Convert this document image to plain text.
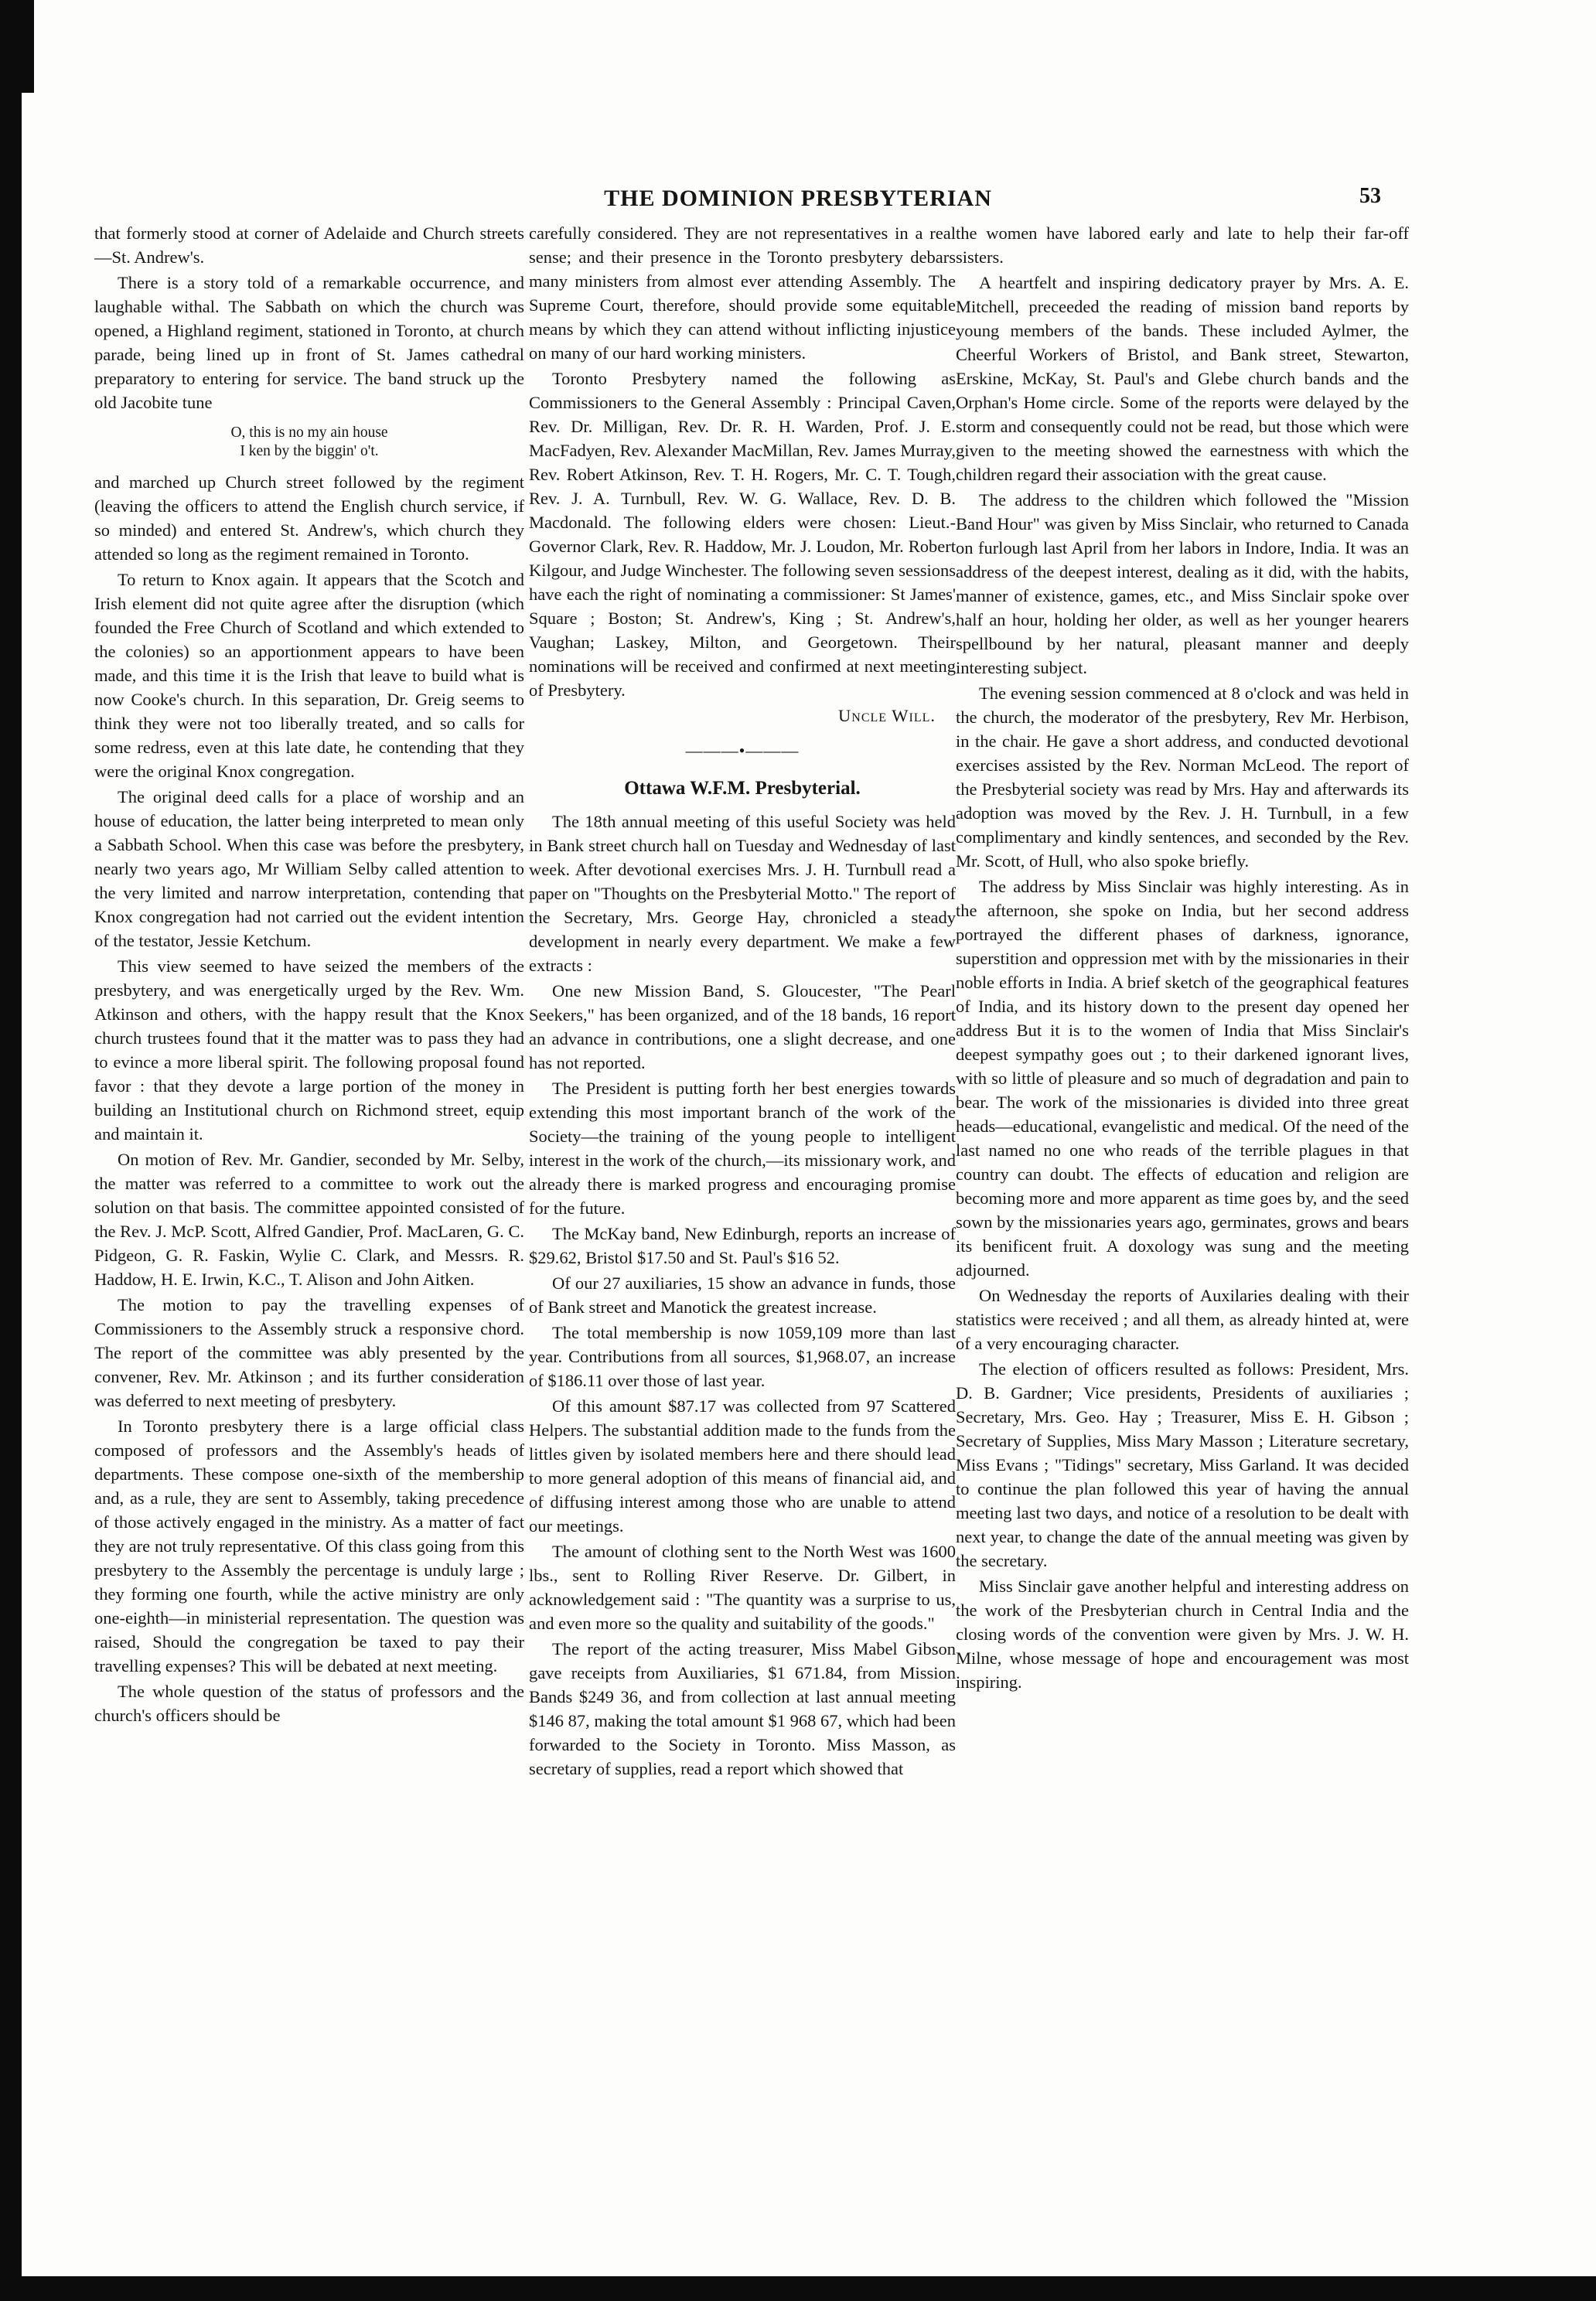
THE DOMINION PRESBYTERIAN	53

that formerly stood at corner of Adelaide and Church streets—St. Andrew's.

There is a story told of a remarkable occurrence, and laughable withal. The Sabbath on which the church was opened, a Highland regiment, stationed in Toronto, at church parade, being lined up in front of St. James cathedral preparatory to entering for service. The band struck up the old Jacobite tune

O, this is no my ain house
I ken by the biggin' o't.

and marched up Church street followed by the regiment (leaving the officers to attend the English church service, if so minded) and entered St. Andrew's, which church they attended so long as the regiment remained in Toronto.

To return to Knox again. It appears that the Scotch and Irish element did not quite agree after the disruption (which founded the Free Church of Scotland and which extended to the colonies) so an apportionment appears to have been made, and this time it is the Irish that leave to build what is now Cooke's church. In this separation, Dr. Greig seems to think they were not too liberally treated, and so calls for some redress, even at this late date, he contending that they were the original Knox congregation.

The original deed calls for a place of worship and an house of education, the latter being interpreted to mean only a Sabbath School. When this case was before the presbytery, nearly two years ago, Mr William Selby called attention to the very limited and narrow interpretation, contending that Knox congregation had not carried out the evident intention of the testator, Jessie Ketchum.

This view seemed to have seized the members of the presbytery, and was energetically urged by the Rev. Wm. Atkinson and others, with the happy result that the Knox church trustees found that it the matter was to pass they had to evince a more liberal spirit. The following proposal found favor : that they devote a large portion of the money in building an Institutional church on Richmond street, equip and maintain it.

On motion of Rev. Mr. Gandier, seconded by Mr. Selby, the matter was referred to a committee to work out the solution on that basis. The committee appointed consisted of the Rev. J. McP. Scott, Alfred Gandier, Prof. MacLaren, G. C. Pidgeon, G. R. Faskin, Wylie C. Clark, and Messrs. R. Haddow, H. E. Irwin, K.C., T. Alison and John Aitken.

The motion to pay the travelling expenses of Commissioners to the Assembly struck a responsive chord. The report of the committee was ably presented by the convener, Rev. Mr. Atkinson ; and its further consideration was deferred to next meeting of presbytery.

In Toronto presbytery there is a large official class composed of professors and the Assembly's heads of departments. These compose one-sixth of the membership and, as a rule, they are sent to Assembly, taking precedence of those actively engaged in the ministry. As a matter of fact they are not truly representative. Of this class going from this presbytery to the Assembly the percentage is unduly large ; they forming one fourth, while the active ministry are only one-eighth—in ministerial representation. The question was raised, Should the congregation be taxed to pay their travelling expenses? This will be debated at next meeting.

The whole question of the status of professors and the church's officers should be

carefully considered. They are not representatives in a real sense; and their presence in the Toronto presbytery debars many ministers from almost ever attending Assembly. The Supreme Court, therefore, should provide some equitable means by which they can attend without inflicting injustice on many of our hard working ministers.

Toronto Presbytery named the following as Commissioners to the General Assembly : Principal Caven, Rev. Dr. Milligan, Rev. Dr. R. H. Warden, Prof. J. E. MacFadyen, Rev. Alexander MacMillan, Rev. James Murray, Rev. Robert Atkinson, Rev. T. H. Rogers, Mr. C. T. Tough, Rev. J. A. Turnbull, Rev. W. G. Wallace, Rev. D. B. Macdonald. The following elders were chosen: Lieut.-Governor Clark, Rev. R. Haddow, Mr. J. Loudon, Mr. Robert Kilgour, and Judge Winchester. The following seven sessions have each the right of nominating a commissioner: St James' Square ; Boston; St. Andrew's, King ; St. Andrew's, Vaughan; Laskey, Milton, and Georgetown. Their nominations will be received and confirmed at next meeting of Presbytery.

Uncle Will.
———•———
Ottawa W.F.M. Presbyterial.

The 18th annual meeting of this useful Society was held in Bank street church hall on Tuesday and Wednesday of last week. After devotional exercises Mrs. J. H. Turnbull read a paper on "Thoughts on the Presbyterial Motto." The report of the Secretary, Mrs. George Hay, chronicled a steady development in nearly every department. We make a few extracts :

One new Mission Band, S. Gloucester, "The Pearl Seekers," has been organized, and of the 18 bands, 16 report an advance in contributions, one a slight decrease, and one has not reported.

The President is putting forth her best energies towards extending this most important branch of the work of the Society—the training of the young people to intelligent interest in the work of the church,—its missionary work, and already there is marked progress and encouraging promise for the future.

The McKay band, New Edinburgh, reports an increase of $29.62, Bristol $17.50 and St. Paul's $16 52.

Of our 27 auxiliaries, 15 show an advance in funds, those of Bank street and Manotick the greatest increase.

The total membership is now 1059,109 more than last year. Contributions from all sources, $1,968.07, an increase of $186.11 over those of last year.

Of this amount $87.17 was collected from 97 Scattered Helpers. The substantial addition made to the funds from the littles given by isolated members here and there should lead to more general adoption of this means of financial aid, and of diffusing interest among those who are unable to attend our meetings.

The amount of clothing sent to the North West was 1600 lbs., sent to Rolling River Reserve. Dr. Gilbert, in acknowledgement said : "The quantity was a surprise to us, and even more so the quality and suitability of the goods."

The report of the acting treasurer, Miss Mabel Gibson gave receipts from Auxiliaries, $1 671.84, from Mission Bands $249 36, and from collection at last annual meeting $146 87, making the total amount $1 968 67, which had been forwarded to the Society in Toronto. Miss Masson, as secretary of supplies, read a report which showed that

the women have labored early and late to help their far-off sisters.

A heartfelt and inspiring dedicatory prayer by Mrs. A. E. Mitchell, preceeded the reading of mission band reports by young members of the bands. These included Aylmer, the Cheerful Workers of Bristol, and Bank street, Stewarton, Erskine, McKay, St. Paul's and Glebe church bands and the Orphan's Home circle. Some of the reports were delayed by the storm and consequently could not be read, but those which were given to the meeting showed the earnestness with which the children regard their association with the great cause.

The address to the children which followed the "Mission Band Hour" was given by Miss Sinclair, who returned to Canada on furlough last April from her labors in Indore, India. It was an address of the deepest interest, dealing as it did, with the habits, manner of existence, games, etc., and Miss Sinclair spoke over half an hour, holding her older, as well as her younger hearers spellbound by her natural, pleasant manner and deeply interesting subject.

The evening session commenced at 8 o'clock and was held in the church, the moderator of the presbytery, Rev Mr. Herbison, in the chair. He gave a short address, and conducted devotional exercises assisted by the Rev. Norman McLeod. The report of the Presbyterial society was read by Mrs. Hay and afterwards its adoption was moved by the Rev. J. H. Turnbull, in a few complimentary and kindly sentences, and seconded by the Rev. Mr. Scott, of Hull, who also spoke briefly.

The address by Miss Sinclair was highly interesting. As in the afternoon, she spoke on India, but her second address portrayed the different phases of darkness, ignorance, superstition and oppression met with by the missionaries in their noble efforts in India. A brief sketch of the geographical features of India, and its history down to the present day opened her address But it is to the women of India that Miss Sinclair's deepest sympathy goes out ; to their darkened ignorant lives, with so little of pleasure and so much of degradation and pain to bear. The work of the missionaries is divided into three great heads—educational, evangelistic and medical. Of the need of the last named no one who reads of the terrible plagues in that country can doubt. The effects of education and religion are becoming more and more apparent as time goes by, and the seed sown by the missionaries years ago, germinates, grows and bears its benificent fruit. A doxology was sung and the meeting adjourned.

On Wednesday the reports of Auxilaries dealing with their statistics were received ; and all them, as already hinted at, were of a very encouraging character.

The election of officers resulted as follows: President, Mrs. D. B. Gardner; Vice presidents, Presidents of auxiliaries ; Secretary, Mrs. Geo. Hay ; Treasurer, Miss E. H. Gibson ; Secretary of Supplies, Miss Mary Masson ; Literature secretary, Miss Evans ; "Tidings" secretary, Miss Garland. It was decided to continue the plan followed this year of having the annual meeting last two days, and notice of a resolution to be dealt with next year, to change the date of the annual meeting was given by the secretary.

Miss Sinclair gave another helpful and interesting address on the work of the Presbyterian church in Central India and the closing words of the convention were given by Mrs. J. W. H. Milne, whose message of hope and encouragement was most inspiring.
